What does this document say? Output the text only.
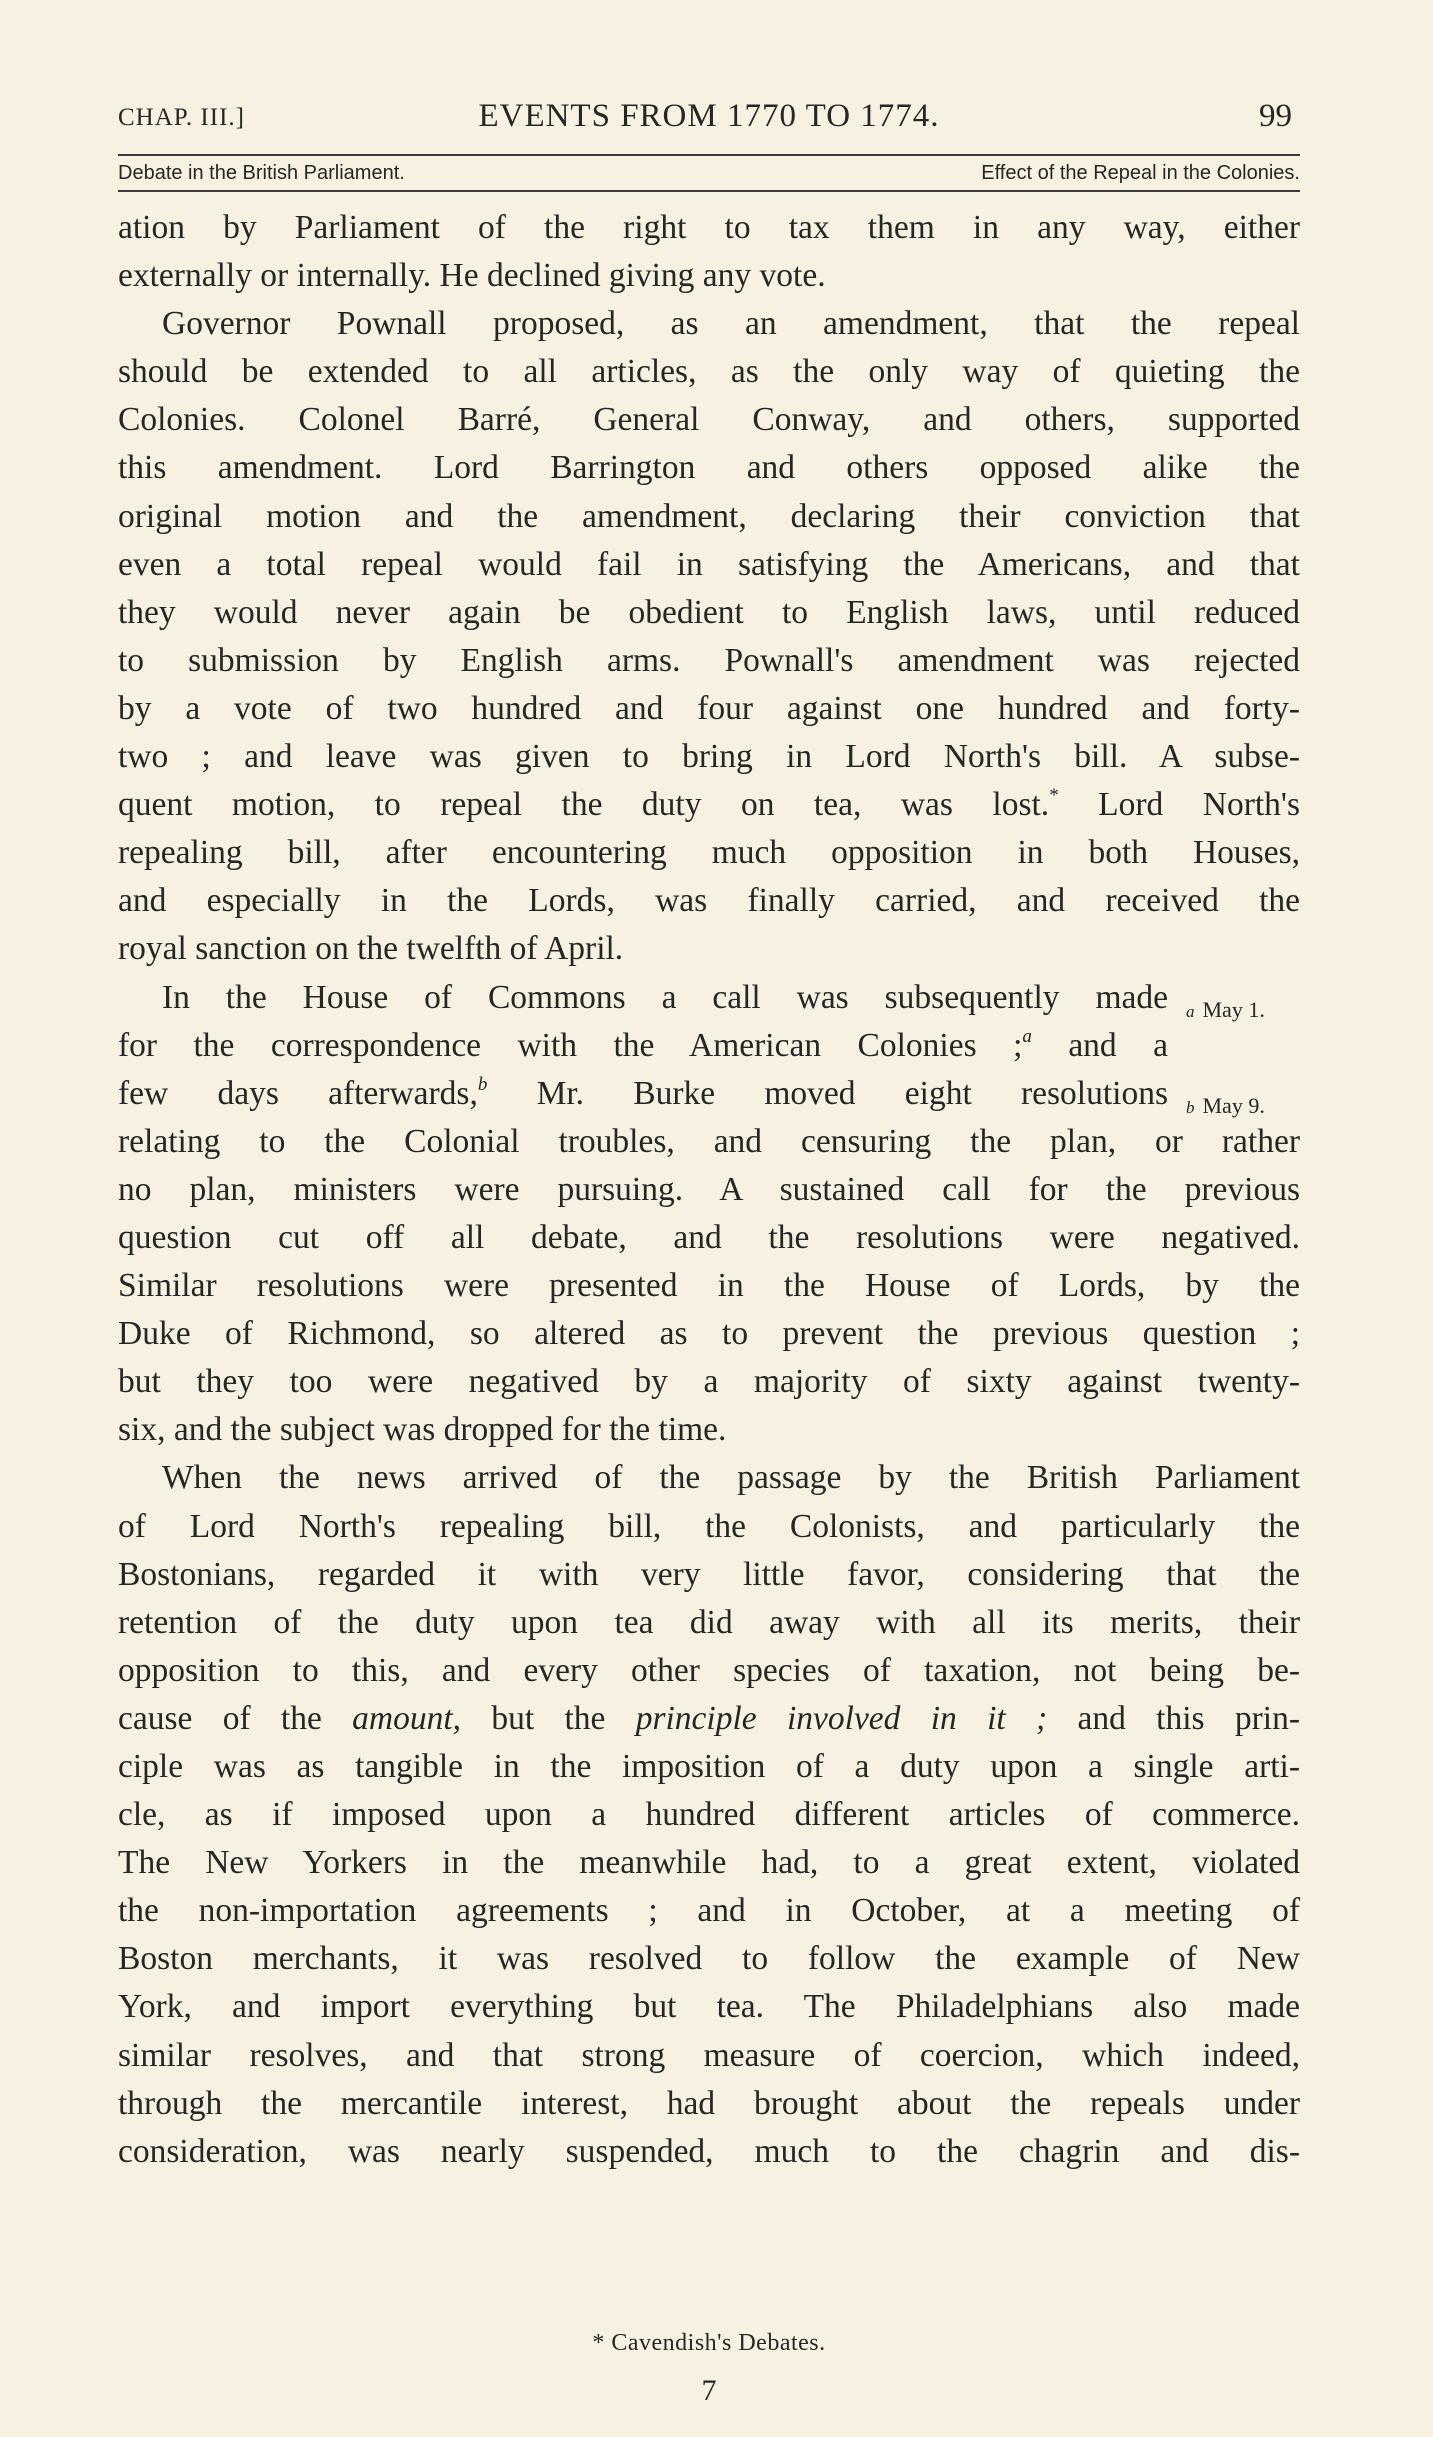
CHAP. III.]	EVENTS FROM 1770 TO 1774.	99
Debate in the British Parliament.	Effect of the Repeal in the Colonies.
ation by Parliament of the right to tax them in any way, either
externally or internally. He declined giving any vote.
Governor Pownall proposed, as an amendment, that the repeal
should be extended to all articles, as the only way of quieting the
Colonies. Colonel Barré, General Conway, and others, supported
this amendment. Lord Barrington and others opposed alike the
original motion and the amendment, declaring their conviction that
even a total repeal would fail in satisfying the Americans, and that
they would never again be obedient to English laws, until reduced
to submission by English arms. Pownall's amendment was rejected
by a vote of two hundred and four against one hundred and forty-
two ; and leave was given to bring in Lord North's bill. A subse-
quent motion, to repeal the duty on tea, was lost.* Lord North's
repealing bill, after encountering much opposition in both Houses,
and especially in the Lords, was finally carried, and received the
royal sanction on the twelfth of April.
In the House of Commons a call was subsequently made
for the correspondence with the American Colonies ;$^a$ and a
few days afterwards,$^b$ Mr. Burke moved eight resolutions
relating to the Colonial troubles, and censuring the plan, or rather
no plan, ministers were pursuing. A sustained call for the previous
question cut off all debate, and the resolutions were negatived.
Similar resolutions were presented in the House of Lords, by the
Duke of Richmond, so altered as to prevent the previous question ;
but they too were negatived by a majority of sixty against twenty-
six, and the subject was dropped for the time.
When the news arrived of the passage by the British Parliament
of Lord North's repealing bill, the Colonists, and particularly the
Bostonians, regarded it with very little favor, considering that the
retention of the duty upon tea did away with all its merits, their
opposition to this, and every other species of taxation, not being be-
cause of the amount, but the principle involved in it ; and this prin-
ciple was as tangible in the imposition of a duty upon a single arti-
cle, as if imposed upon a hundred different articles of commerce.
The New Yorkers in the meanwhile had, to a great extent, violated
the non-importation agreements ; and in October, at a meeting of
Boston merchants, it was resolved to follow the example of New
York, and import everything but tea. The Philadelphians also made
similar resolves, and that strong measure of coercion, which indeed,
through the mercantile interest, had brought about the repeals under
consideration, was nearly suspended, much to the chagrin and dis-
a May 1.
b May 9.
* Cavendish's Debates.
7
